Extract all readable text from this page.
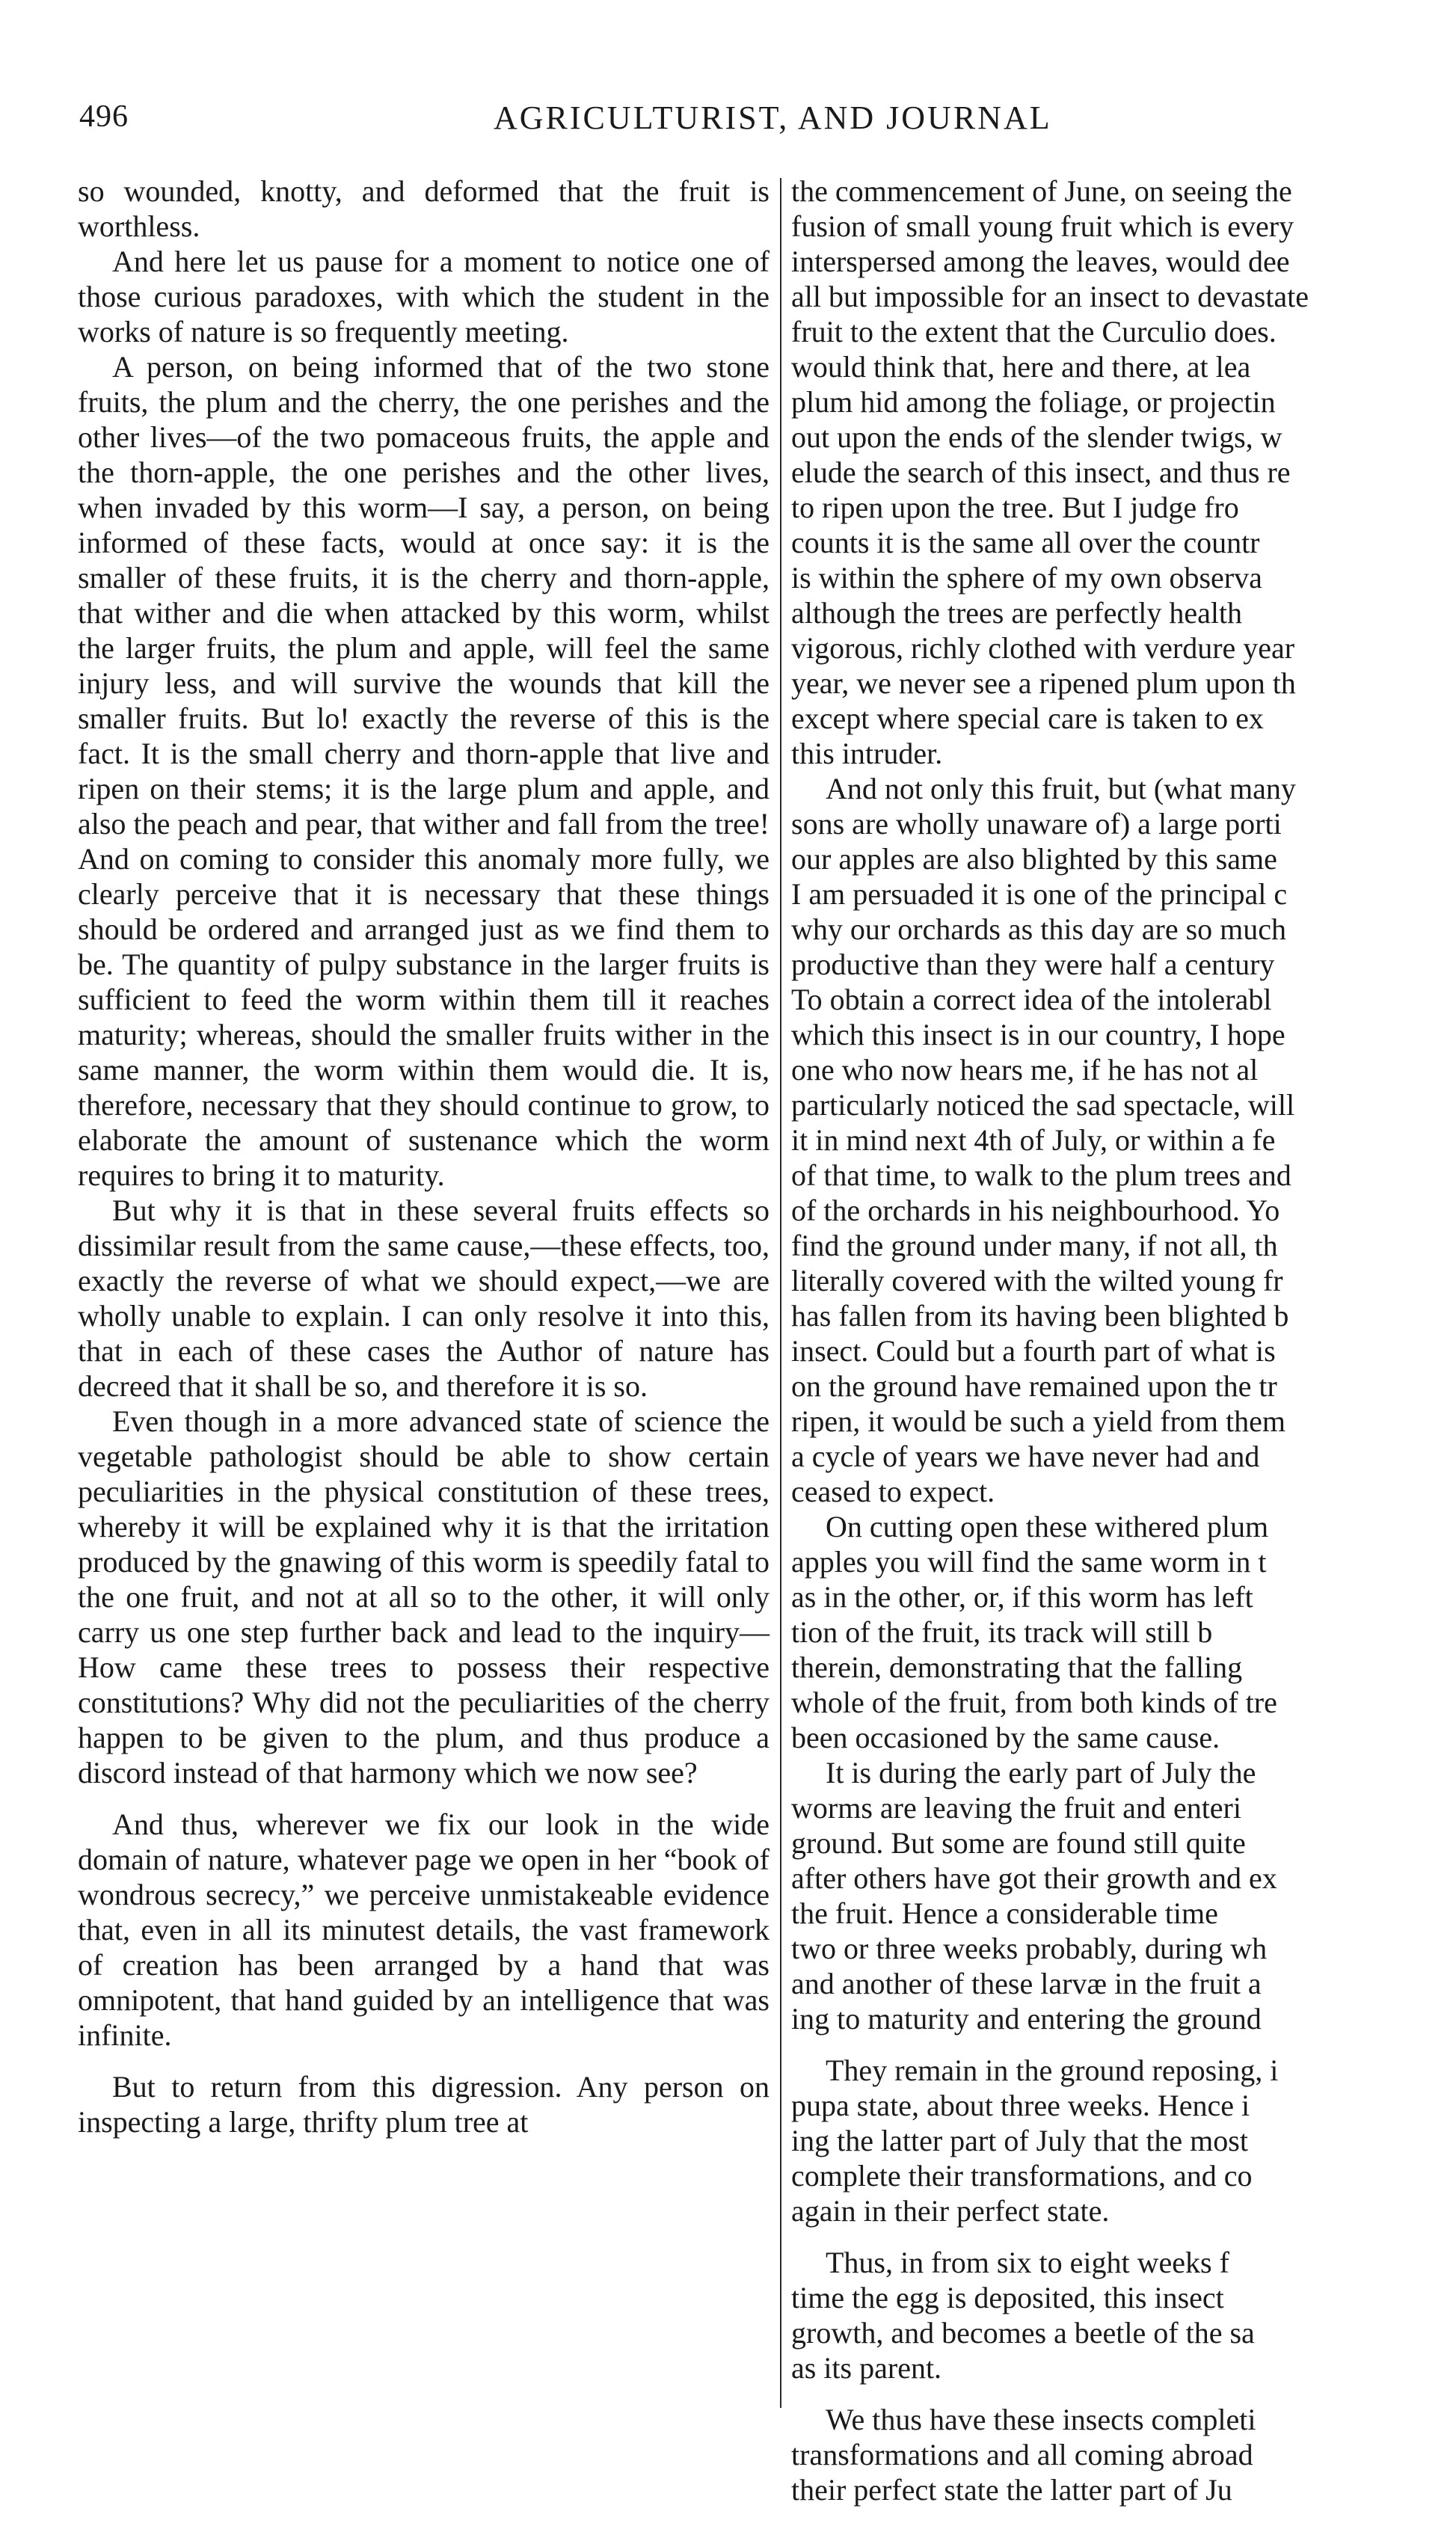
496	AGRICULTURIST, AND JOURNAL

so wounded, knotty, and deformed that the fruit is worthless.

And here let us pause for a moment to notice one of those curious paradoxes, with which the student in the works of nature is so frequently meeting.

A person, on being informed that of the two stone fruits, the plum and the cherry, the one perishes and the other lives—of the two pomaceous fruits, the apple and the thorn-apple, the one perishes and the other lives, when invaded by this worm—I say, a person, on being informed of these facts, would at once say: it is the smaller of these fruits, it is the cherry and thorn-apple, that wither and die when attacked by this worm, whilst the larger fruits, the plum and apple, will feel the same injury less, and will survive the wounds that kill the smaller fruits. But lo! exactly the reverse of this is the fact. It is the small cherry and thorn-apple that live and ripen on their stems; it is the large plum and apple, and also the peach and pear, that wither and fall from the tree! And on coming to consider this anomaly more fully, we clearly perceive that it is necessary that these things should be ordered and arranged just as we find them to be. The quantity of pulpy substance in the larger fruits is sufficient to feed the worm within them till it reaches maturity; whereas, should the smaller fruits wither in the same manner, the worm within them would die. It is, therefore, necessary that they should continue to grow, to elaborate the amount of sustenance which the worm requires to bring it to maturity.

But why it is that in these several fruits effects so dissimilar result from the same cause,—these effects, too, exactly the reverse of what we should expect,—we are wholly unable to explain. I can only resolve it into this, that in each of these cases the Author of nature has decreed that it shall be so, and therefore it is so.

Even though in a more advanced state of science the vegetable pathologist should be able to show certain peculiarities in the physical constitution of these trees, whereby it will be explained why it is that the irritation produced by the gnawing of this worm is speedily fatal to the one fruit, and not at all so to the other, it will only carry us one step further back and lead to the inquiry—How came these trees to possess their respective constitutions? Why did not the peculiarities of the cherry happen to be given to the plum, and thus produce a discord instead of that harmony which we now see?

And thus, wherever we fix our look in the wide domain of nature, whatever page we open in her “book of wondrous secrecy,” we perceive unmistakeable evidence that, even in all its minutest details, the vast framework of creation has been arranged by a hand that was omnipotent, that hand guided by an intelligence that was infinite.

But to return from this digression. Any person on inspecting a large, thrifty plum tree at

the commencement of June, on seeing the

fusion of small young fruit which is every

interspersed among the leaves, would dee

all but impossible for an insect to devastate

fruit to the extent that the Curculio does.

would think that, here and there, at lea

plum hid among the foliage, or projectin

out upon the ends of the slender twigs, w

elude the search of this insect, and thus re

to ripen upon the tree. But I judge fro

counts it is the same all over the countr

is within the sphere of my own observa

although the trees are perfectly health

vigorous, richly clothed with verdure year

year, we never see a ripened plum upon th

except where special care is taken to ex

this intruder.

And not only this fruit, but (what many

sons are wholly unaware of) a large porti

our apples are also blighted by this same

I am persuaded it is one of the principal c

why our orchards as this day are so much

productive than they were half a century

To obtain a correct idea of the intolerabl

which this insect is in our country, I hope

one who now hears me, if he has not al

particularly noticed the sad spectacle, will

it in mind next 4th of July, or within a fe

of that time, to walk to the plum trees and

of the orchards in his neighbourhood. Yo

find the ground under many, if not all, th

literally covered with the wilted young fr

has fallen from its having been blighted b

insect. Could but a fourth part of what is

on the ground have remained upon the tr

ripen, it would be such a yield from them

a cycle of years we have never had and

ceased to expect.

On cutting open these withered plum

apples you will find the same worm in t

as in the other, or, if this worm has left

tion of the fruit, its track will still b

therein, demonstrating that the falling

whole of the fruit, from both kinds of tre

been occasioned by the same cause.

It is during the early part of July the

worms are leaving the fruit and enteri

ground. But some are found still quite

after others have got their growth and ex

the fruit. Hence a considerable time

two or three weeks probably, during wh

and another of these larvæ in the fruit a

ing to maturity and entering the ground

They remain in the ground reposing, i

pupa state, about three weeks. Hence i

ing the latter part of July that the most

complete their transformations, and co

again in their perfect state.

Thus, in from six to eight weeks f

time the egg is deposited, this insect

growth, and becomes a beetle of the sa

as its parent.

We thus have these insects completi

transformations and all coming abroad

their perfect state the latter part of Ju
